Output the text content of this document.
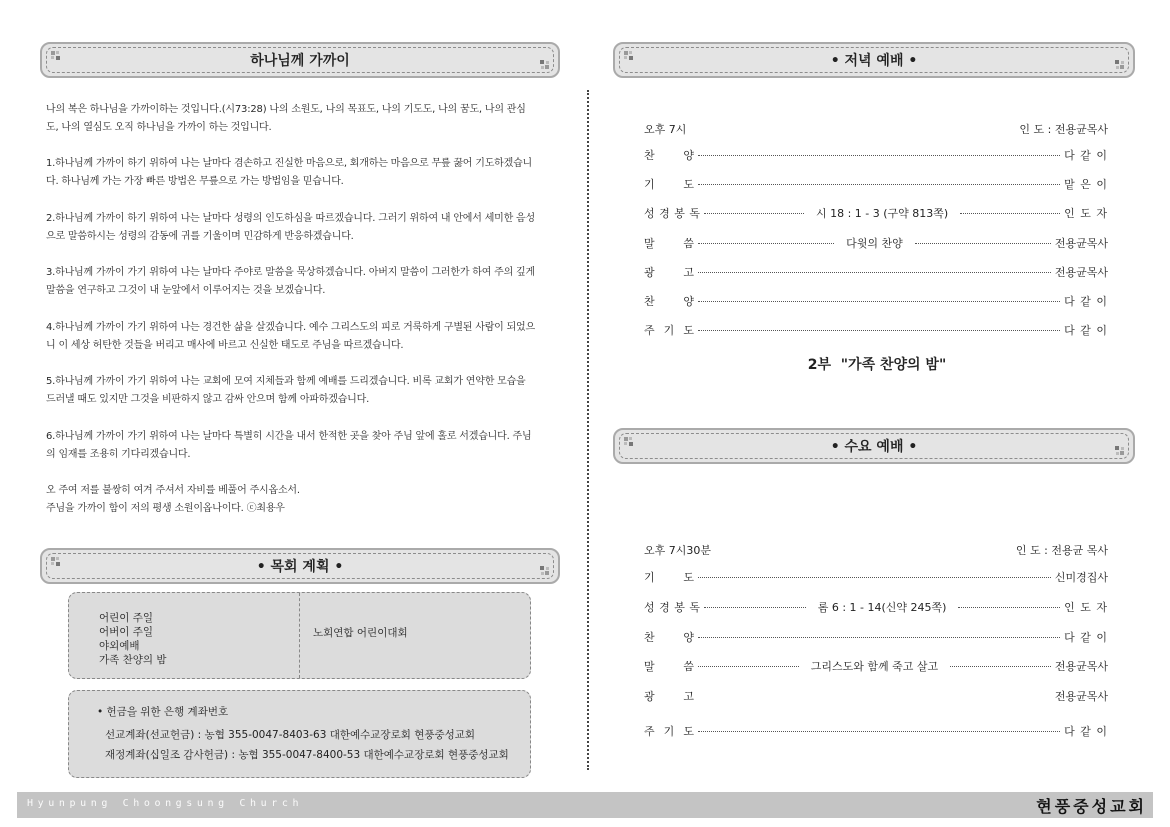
하나님께 가까이
나의 복은 하나님을 가까이하는 것입니다.(시73:28) 나의 소원도, 나의 목표도, 나의 기도도, 나의 꿈도, 나의 관심도, 나의 열심도 오직 하나님을 가까이 하는 것입니다.
1.하나님께 가까이 하기 위하여 나는 날마다 겸손하고 진실한 마음으로, 회개하는 마음으로 무릎 꿇어 기도하겠습니다. 하나님께 가는 가장 빠른 방법은 무릎으로 가는 방법임을 믿습니다.
2.하나님께 가까이 하기 위하여 나는 날마다 성령의 인도하심을 따르겠습니다. 그러기 위하여 내 안에서 세미한 음성으로 말씀하시는 성령의 감동에 귀를 기울이며 민감하게 반응하겠습니다.
3.하나님께 가까이 가기 위하여 나는 날마다 주야로 말씀을 묵상하겠습니다. 아버지 말씀이 그러한가 하여 주의 깊게 말씀을 연구하고 그것이 내 눈앞에서 이루어지는 것을 보겠습니다.
4.하나님께 가까이 가기 위하여 나는 경건한 삶을 살겠습니다. 예수 그리스도의 피로 거룩하게 구별된 사람이 되었으니 이 세상 허탄한 것들을 버리고 매사에 바르고 신실한 태도로 주님을 따르겠습니다.
5.하나님께 가까이 가기 위하여 나는 교회에 모여 지체들과 함께 예배를 드리겠습니다. 비록 교회가 연약한 모습을 드러낼 때도 있지만 그것을 비판하지 않고 감싸 안으며 함께 아파하겠습니다.
6.하나님께 가까이 가기 위하여 나는 날마다 특별히 시간을 내서 한적한 곳을 찾아 주님 앞에 홀로 서겠습니다. 주님의 임재를 조용히 기다리겠습니다.
오 주여 저를 불쌍히 여겨 주셔서 자비를 베풀어 주시옵소서.
주님을 가까이 함이 저의 평생 소원이옵나이다. ⓒ최용우
• 목회 계획 •
어린이 주일
어버이 주일
야외예배
가족 찬양의 밤
노회연합 어린이대회
• 헌금을 위한 은행 계좌번호
선교계좌(선교헌금) : 농협 355-0047-8403-63 대한예수교장로회 현풍중성교회
재정계좌(십일조 감사헌금) : 농협 355-0047-8400-53 대한예수교장로회 현풍중성교회
• 저녁 예배 •
오후 7시	인 도 : 전용균목사
찬	양	다 같 이
기	도	맡 은 이
성 경 봉 독	시 18 : 1 - 3 (구약 813쪽)	인 도 자
말	씀	다윗의 찬양	전용균목사
광	고	전용균목사
찬	양	다 같 이
주 기 도	다 같 이
2부  "가족 찬양의 밤"
• 수요 예배 •
오후 7시30분	인 도 : 전용균 목사
기	도	신미경집사
성 경 봉 독	롬 6 : 1 - 14(신약 245쪽)	인 도 자
찬	양	다 같 이
말	씀	그리스도와 함께 죽고 살고	전용균목사
광	고	전용균목사
주 기 도	다 같 이
Hyunpung Choongsung Church	현풍중성교회
